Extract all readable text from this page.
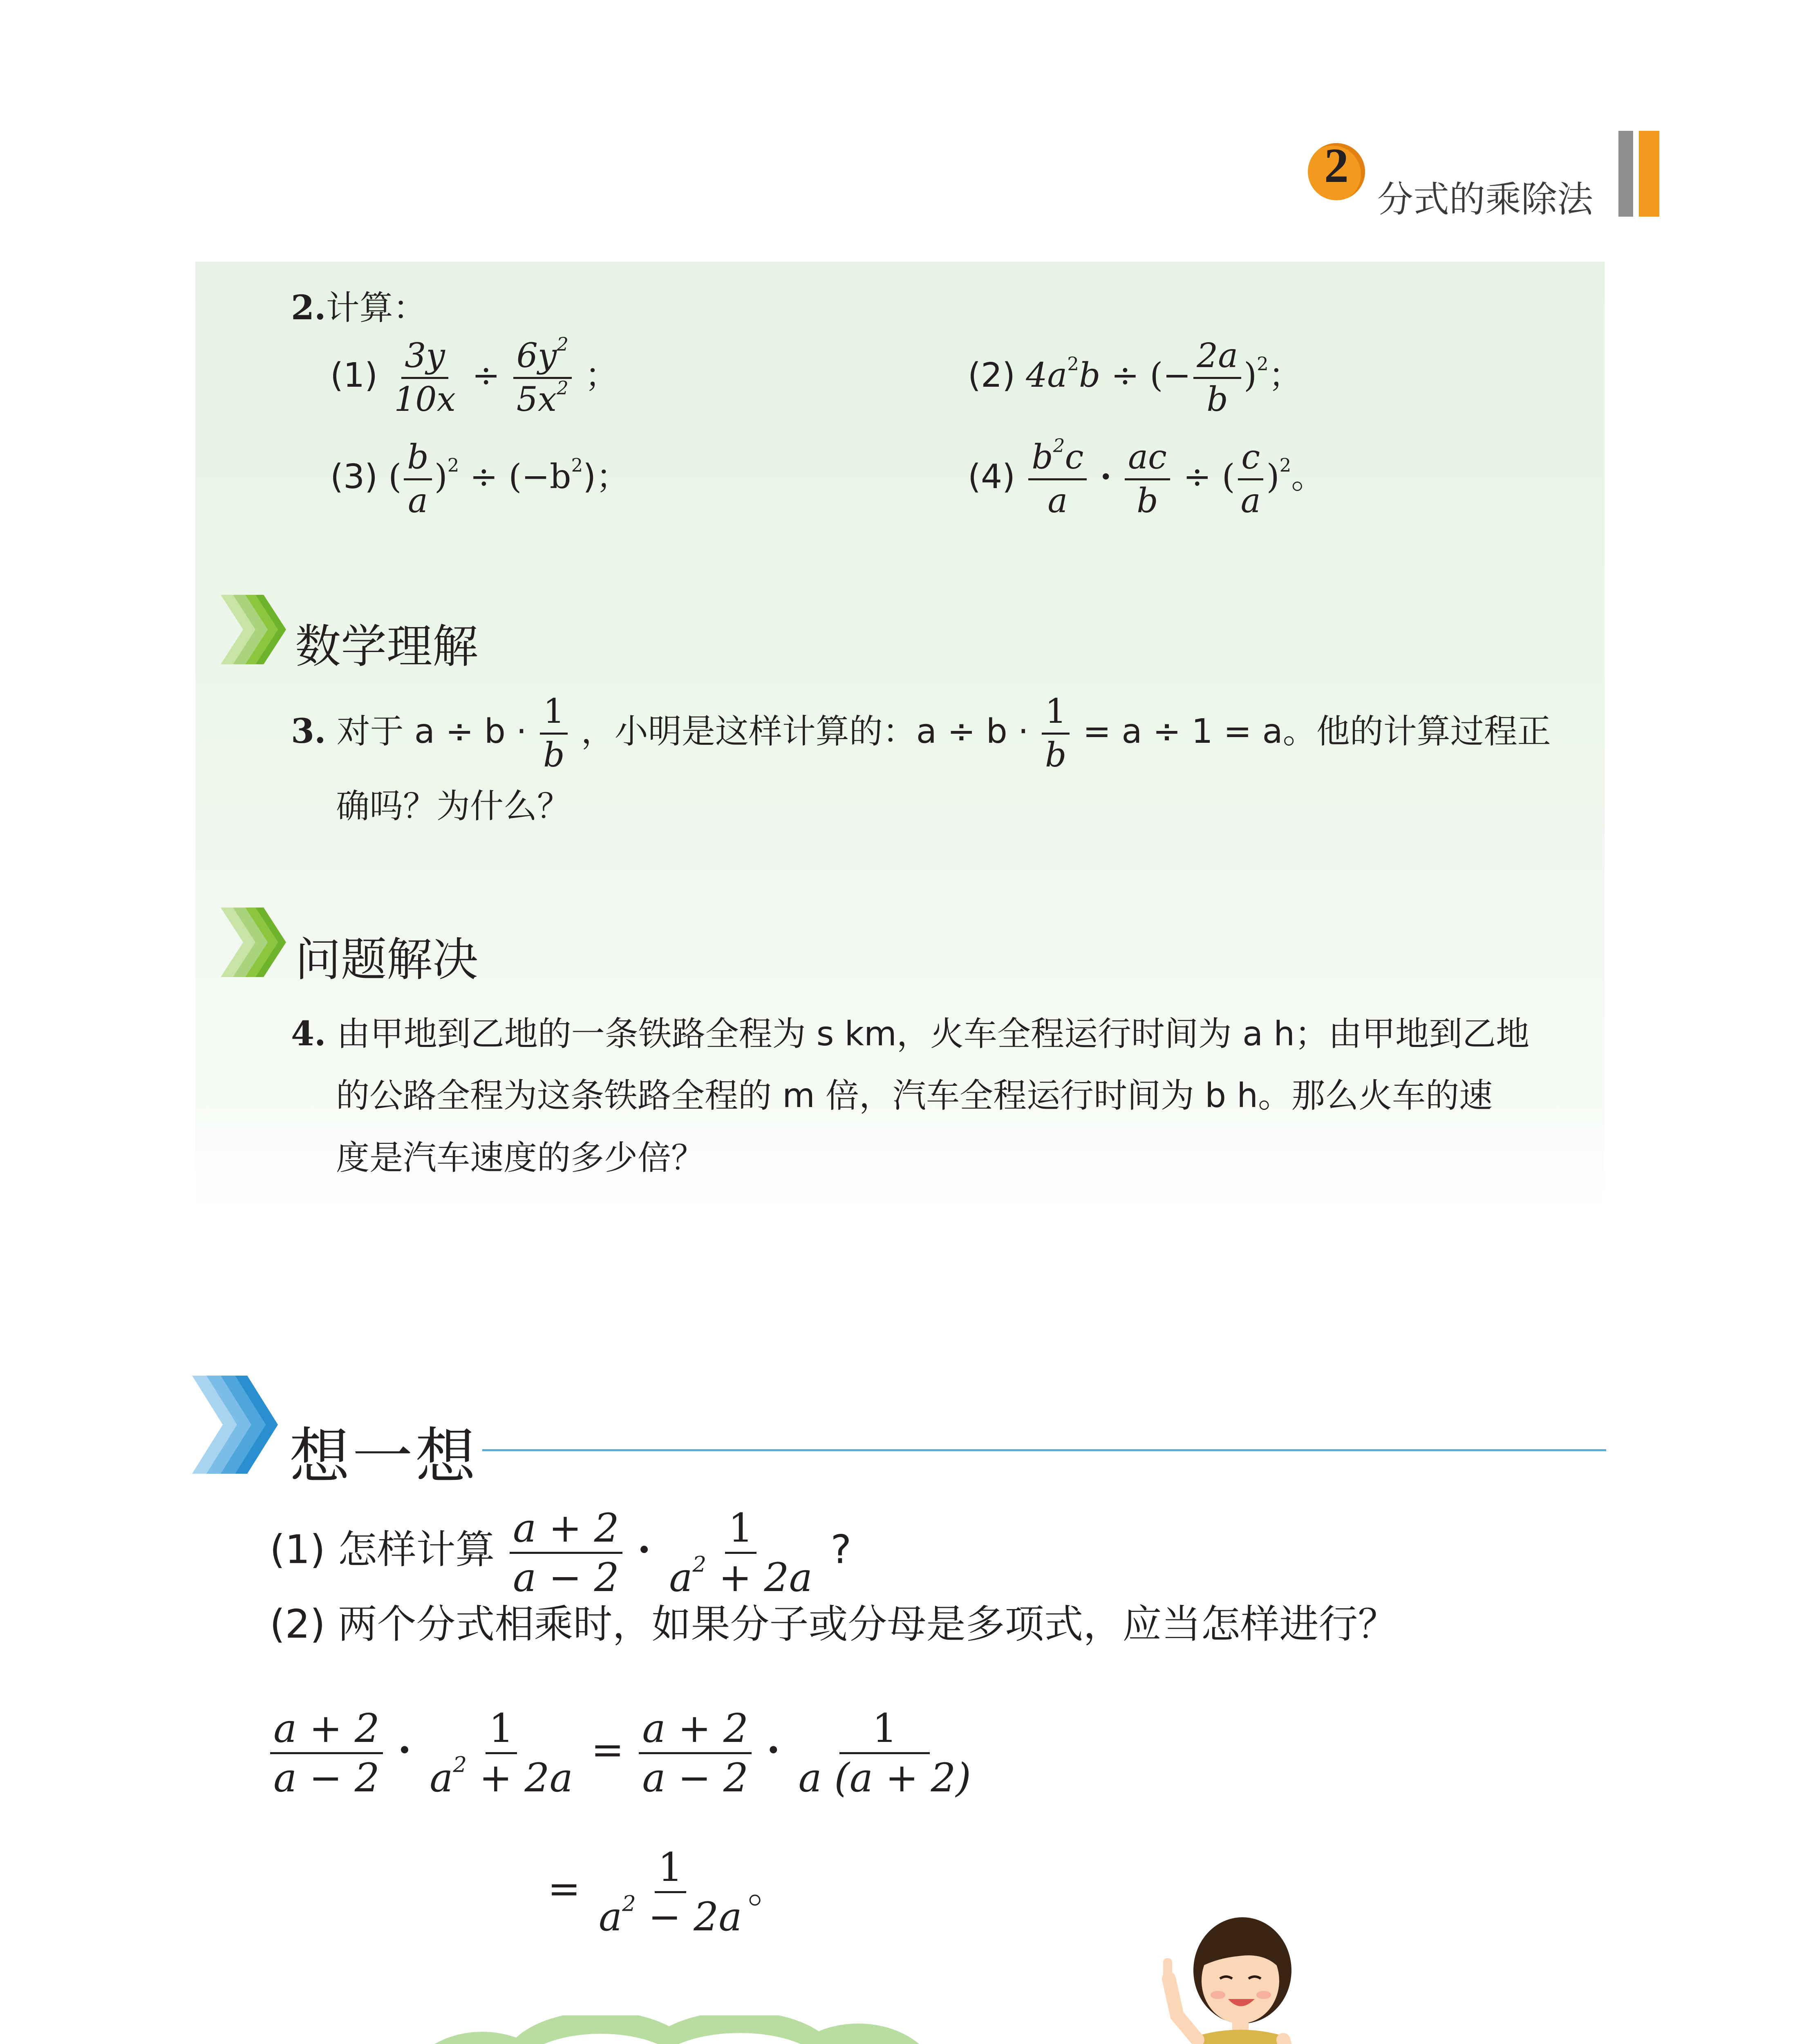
2
分式的乘除法
2.计算：
$(1) \frac{3y}{10x} \div \frac{6y^2}{5x^2}$ ；	(2) $4a^2b$ ÷ (− $\frac{2a}{b} )^2$；
(3) ( $\frac{b}{a} )^2 \div (-b^2)$；	$(4) \frac{b^2c}{a} \cdot \frac{ac}{b}$ ÷ ( $\frac{c}{a} )^2$。
数学理解
3. 对于 $a \div b \cdot \frac{1}{b}$ ，小明是这样计算的：$a \div b \cdot \frac{1}{b} = a \div 1 = a$。他的计算过程正
确吗？为什么？
问题解决
4. 由甲地到乙地的一条铁路全程为 s km，火车全程运行时间为 a h；由甲地到乙地
的公路全程为这条铁路全程的 m 倍，汽车全程运行时间为 b h。那么火车的速
度是汽车速度的多少倍？
想一想
(1) 怎样计算 $\frac{a + 2}{a - 2} \cdot \frac{1}{a^2 + 2a}$ ?
(2) 两个分式相乘时，如果分子或分母是多项式，应当怎样进行？
$\frac{a + 2}{a - 2} \cdot \frac{1}{a^2 + 2a} = \frac{a + 2}{a - 2} \cdot \frac{1}{a (a + 2)}$
= $\frac{1}{a^2 - 2a}$ 。
